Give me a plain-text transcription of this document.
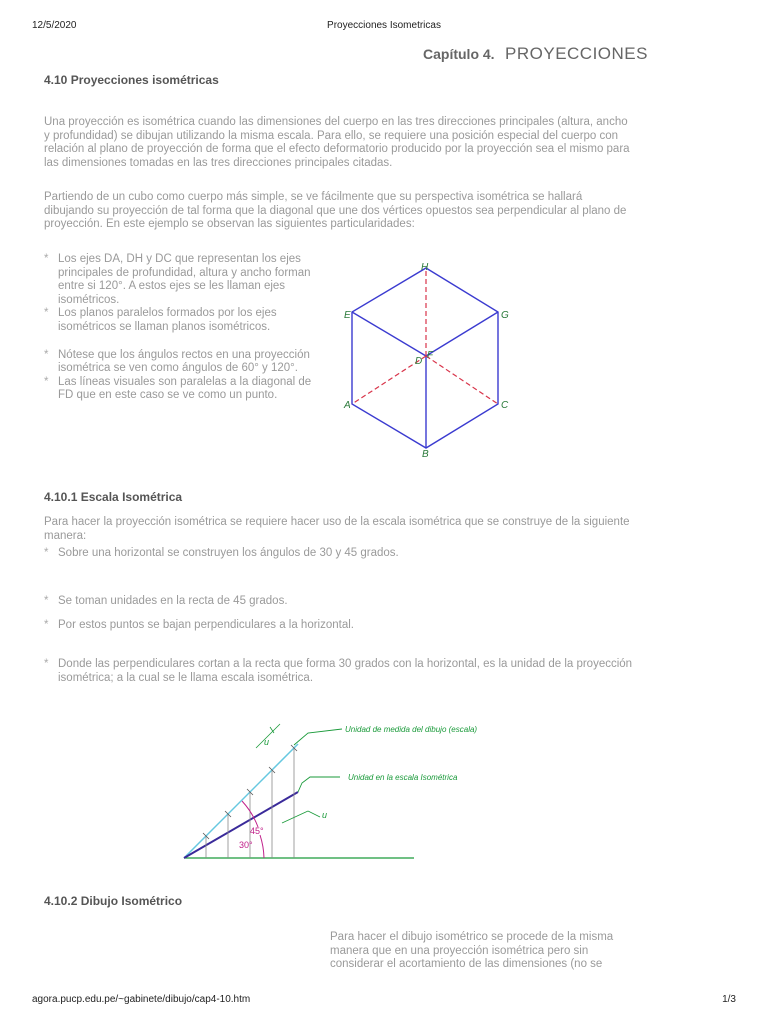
12/5/2020	Proyecciones Isometricas
Capítulo 4. PROYECCIONES
4.10 Proyecciones isométricas

Una proyección es isométrica cuando las dimensiones del cuerpo en las tres direcciones principales (altura, ancho y profundidad) se dibujan utilizando la misma escala. Para ello, se requiere una posición especial del cuerpo con relación al plano de proyección de forma que el efecto deformatorio producido por la proyección sea el mismo para las dimensiones tomadas en las tres direcciones principales citadas.

Partiendo de un cubo como cuerpo más simple, se ve fácilmente que su perspectiva isométrica se hallará dibujando su proyección de tal forma que la diagonal que une dos vértices opuestos sea perpendicular al plano de proyección. En este ejemplo se observan las siguientes particularidades:

* Los ejes DA, DH y DC que representan los ejes principales de profundidad, altura y ancho forman entre si 120°. A estos ejes se les llaman ejes isométricos.
* Los planos paralelos formados por los ejes isométricos se llaman planos isométricos.
* Nótese que los ángulos rectos en una proyección isométrica se ven como ángulos de 60° y 120°.
* Las líneas visuales son paralelas a la diagonal de FD que en este caso se ve como un punto.
H
E	G
D
F
A	C
B
4.10.1 Escala Isométrica

Para hacer la proyección isométrica se requiere hacer uso de la escala isométrica que se construye de la siguiente manera:

* Sobre una horizontal se construyen los ángulos de 30 y 45 grados.
* Se toman unidades en la recta de 45 grados.
* Por estos puntos se bajan perpendiculares a la horizontal.
* Donde las perpendiculares cortan a la recta que forma 30 grados con la horizontal, es la unidad de la proyección isométrica; a la cual se le llama escala isométrica.
u
u
Unidad de medida del dibujo (escala)
Unidad en la escala Isométrica
45°
30°
4.10.2 Dibujo Isométrico

Para hacer el dibujo isométrico se procede de la misma manera que en una proyección isométrica pero sin considerar el acortamiento de las dimensiones (no se

agora.pucp.edu.pe/~gabinete/dibujo/cap4-10.htm	1/3
